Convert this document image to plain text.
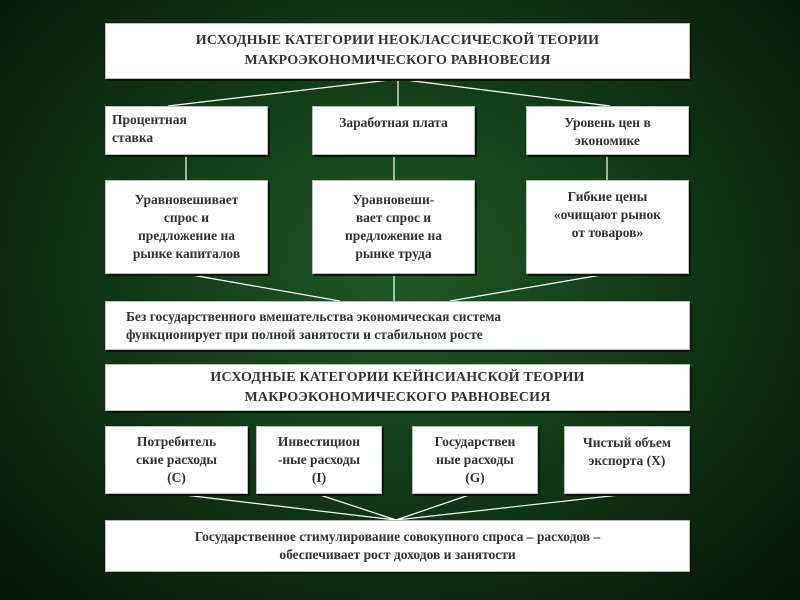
ИСХОДНЫЕ КАТЕГОРИИ НЕОКЛАССИЧЕСКОЙ ТЕОРИИ
МАКРОЭКОНОМИЧЕСКОГО РАВНОВЕСИЯ
Процентная
ставка
Заработная плата	Уровень цен в
экономике
Уравновешивает
спрос и
предложение на
рынке капиталов
Уравновеши-
вает спрос и
предложение на
рынке труда
Гибкие цены
«очищают рынок
от товаров»
Без государственного вмешательства экономическая система
функционирует при полной занятости и стабильном росте
ИСХОДНЫЕ КАТЕГОРИИ КЕЙНСИАНСКОЙ ТЕОРИИ
МАКРОЭКОНОМИЧЕСКОГО РАВНОВЕСИЯ
Потребитель
ские расходы
(C)
Инвестицион
-ные расходы
(I)
Государствен
ные расходы
(G)
Чистый объем
экспорта (X)
Государственное стимулирование совокупного спроса – расходов –
обеспечивает рост доходов и занятости
